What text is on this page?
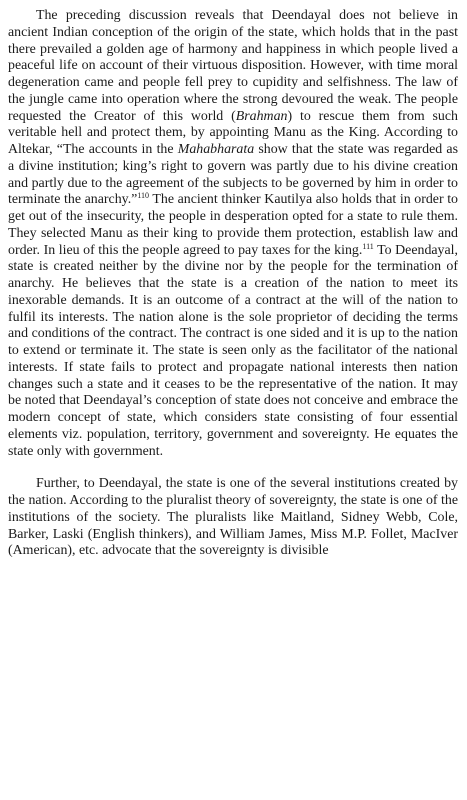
The preceding discussion reveals that Deendayal does not believe in ancient Indian conception of the origin of the state, which holds that in the past there prevailed a golden age of harmony and happiness in which people lived a peaceful life on account of their virtuous disposition. However, with time moral degeneration came and people fell prey to cupidity and selfishness. The law of the jungle came into operation where the strong devoured the weak. The people requested the Creator of this world (Brahman) to rescue them from such veritable hell and protect them, by appointing Manu as the King. According to Altekar, “The accounts in the Mahabharata show that the state was regarded as a divine institution; king’s right to govern was partly due to his divine creation and partly due to the agreement of the subjects to be governed by him in order to terminate the anarchy.”$^{110}$ The ancient thinker Kautilya also holds that in order to get out of the insecurity, the people in desperation opted for a state to rule them. They selected Manu as their king to provide them protection, establish law and order. In lieu of this the people agreed to pay taxes for the king.$^{111}$ To Deendayal, state is created neither by the divine nor by the people for the termination of anarchy. He believes that the state is a creation of the nation to meet its inexorable demands. It is an outcome of a contract at the will of the nation to fulfil its interests. The nation alone is the sole proprietor of deciding the terms and conditions of the contract. The contract is one sided and it is up to the nation to extend or terminate it. The state is seen only as the facilitator of the national interests. If state fails to protect and propagate national interests then nation changes such a state and it ceases to be the representative of the nation. It may be noted that Deendayal’s conception of state does not conceive and embrace the modern concept of state, which considers state consisting of four essential elements viz. population, territory, government and sovereignty. He equates the state only with government.

Further, to Deendayal, the state is one of the several institutions created by the nation. According to the pluralist theory of sovereignty, the state is one of the institutions of the society. The pluralists like Maitland, Sidney Webb, Cole, Barker, Laski (English thinkers), and William James, Miss M.P. Follet, MacIver (American), etc. advocate that the sovereignty is divisible
